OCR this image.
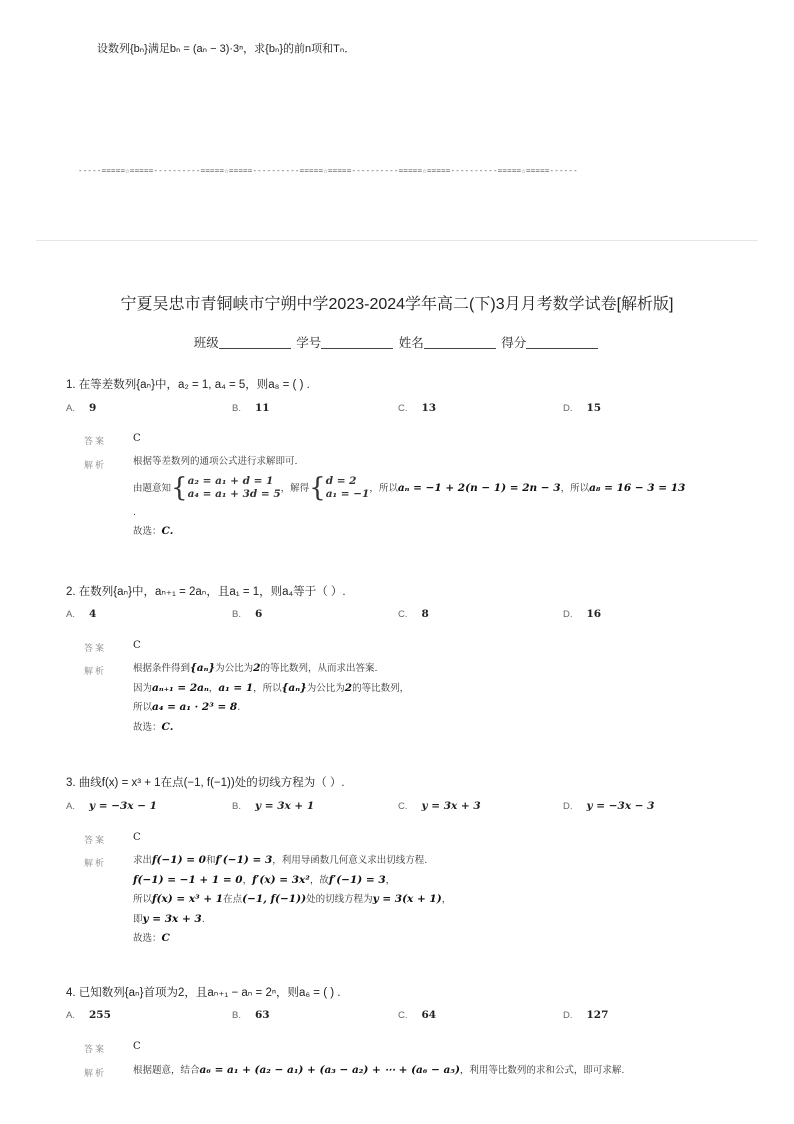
设数列{bₙ}满足bₙ = (aₙ − 3)·3ⁿ，求{bₙ}的前n项和Tₙ．
-----=====☆=====----------=====☆=====----------=====☆=====----------=====☆=====----------=====☆=====------
宁夏吴忠市青铜峡市宁朔中学2023-2024学年高二(下)3月月考数学试卷[解析版]
班级	学号	姓名	得分
1. 在等差数列{aₙ}中，a₂ = 1, a₄ = 5，则a₈ = ( ) .
A. 9	B. 11	C. 13	D. 15
答案	C
解析	根据等差数列的通项公式进行求解即可.
由题意知{ a₂ = a₁ + d = 1
a₄ = a₁ + 3d = 5 ，解得{ d = 2
a₁ = −1 ，所以aₙ = −1 + 2(n − 1) = 2n − 3，所以a₈ = 16 − 3 = 13
.
故选：C.
2. 在数列{aₙ}中，aₙ₊₁ = 2aₙ，且a₁ = 1，则a₄等于（ ）.
A. 4	B. 6	C. 8	D. 16
答案	C
解析	根据条件得到{aₙ}为公比为2的等比数列，从而求出答案.
因为aₙ₊₁ = 2aₙ，a₁ = 1，所以{aₙ}为公比为2的等比数列，
所以a₄ = a₁ · 2³ = 8.
故选：C.
3. 曲线f(x) = x³ + 1在点(−1, f(−1))处的切线方程为（ ）.
A. y = −3x − 1	B. y = 3x + 1	C. y = 3x + 3	D. y = −3x − 3
答案	C
解析	求出f(−1) = 0和f′(−1) = 3，利用导函数几何意义求出切线方程.
f(−1) = −1 + 1 = 0，f′(x) = 3x²，故f′(−1) = 3，
所以f(x) = x³ + 1在点(−1, f(−1))处的切线方程为y = 3(x + 1)，
即y = 3x + 3.
故选：C
4. 已知数列{aₙ}首项为2，且aₙ₊₁ − aₙ = 2ⁿ，则a₆ = ( ) .
A. 255	B. 63	C. 64	D. 127
答案	C
解析	根据题意，结合a₆ = a₁ + (a₂ − a₁) + (a₃ − a₂) + ⋯ + (a₆ − a₅)，利用等比数列的求和公式，即可求解.
